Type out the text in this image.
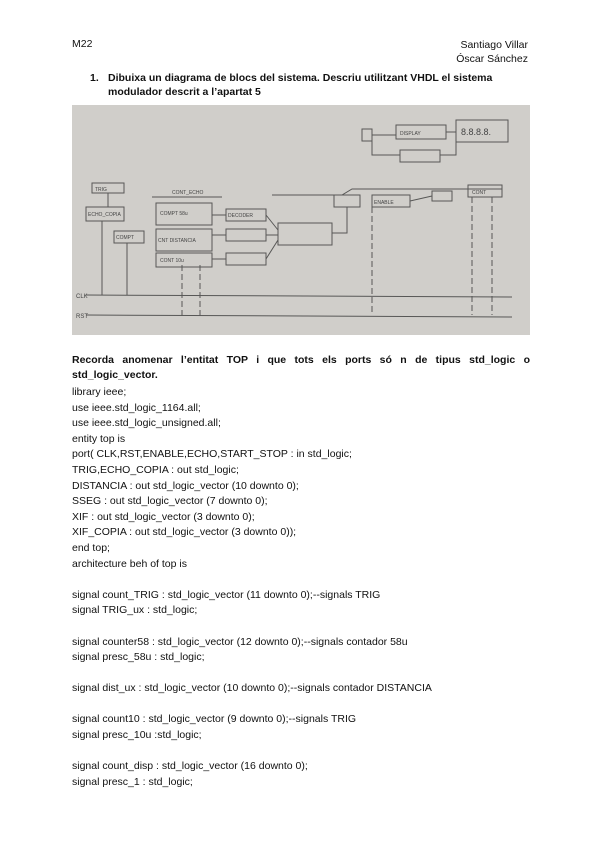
M22	Santiago Villar
Óscar Sánchez
1. Dibuixa un diagrama de blocs del sistema. Descriu utilitzant VHDL el sistema modulador descrit a l’apartat 5
CLK
RST
TRIG
ECHO_COPIA
COMPT
CONT_ECHO
COMPT 58u
CNT DISTANCIA
CONT 10u
DECODER
DISPLAY	8.8.8.8.
CONT
ENABLE
Recorda anomenar l’entitat TOP i que tots els ports só n de tipus std_logic o std_logic_vector.
library ieee;
use ieee.std_logic_1164.all;
use ieee.std_logic_unsigned.all;
entity top is
port( CLK,RST,ENABLE,ECHO,START_STOP : in std_logic;
TRIG,ECHO_COPIA : out std_logic;
DISTANCIA : out std_logic_vector (10 downto 0);
SSEG : out std_logic_vector (7 downto 0);
XIF : out std_logic_vector (3 downto 0);
XIF_COPIA : out std_logic_vector (3 downto 0));
end top;
architecture beh of top is
signal count_TRIG : std_logic_vector (11 downto 0);--signals TRIG
signal TRIG_ux : std_logic;
signal counter58 : std_logic_vector (12 downto 0);--signals contador 58u
signal presc_58u : std_logic;
signal dist_ux : std_logic_vector (10 downto 0);--signals contador DISTANCIA
signal count10 : std_logic_vector (9 downto 0);--signals TRIG
signal presc_10u :std_logic;
signal count_disp : std_logic_vector (16 downto 0);
signal presc_1 : std_logic;
